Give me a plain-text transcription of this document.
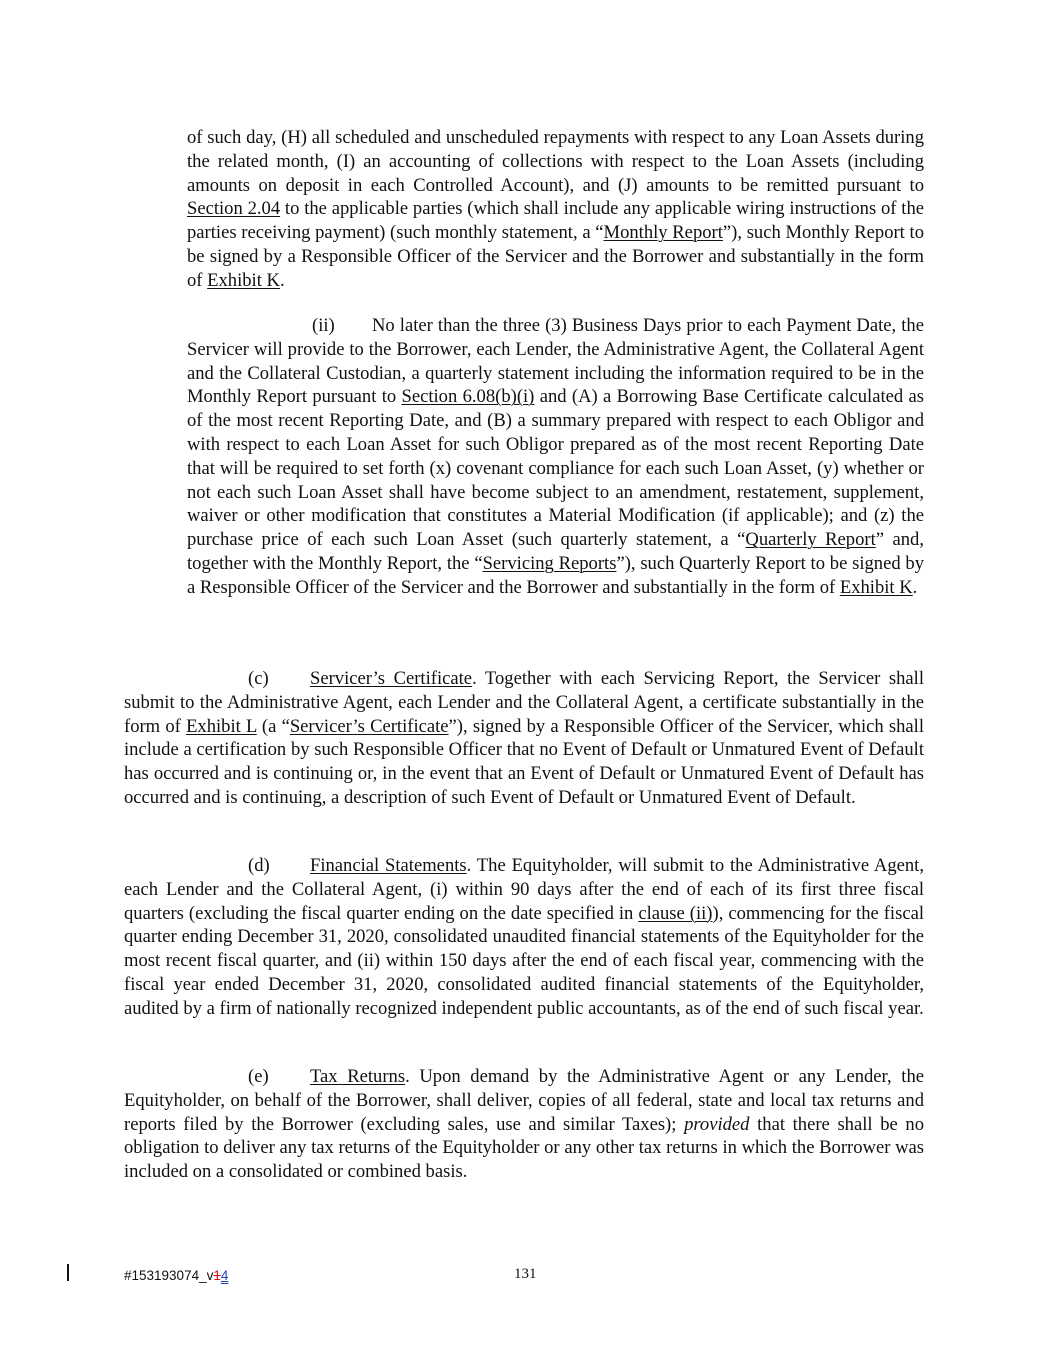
of such day, (H) all scheduled and unscheduled repayments with respect to any Loan Assets during the related month, (I) an accounting of collections with respect to the Loan Assets (including amounts on deposit in each Controlled Account), and (J) amounts to be remitted pursuant to Section 2.04 to the applicable parties (which shall include any applicable wiring instructions of the parties receiving payment) (such monthly statement, a “Monthly Report”), such Monthly Report to be signed by a Responsible Officer of the Servicer and the Borrower and substantially in the form of Exhibit K.

(ii) No later than the three (3) Business Days prior to each Payment Date, the Servicer will provide to the Borrower, each Lender, the Administrative Agent, the Collateral Agent and the Collateral Custodian, a quarterly statement including the information required to be in the Monthly Report pursuant to Section 6.08(b)(i) and (A) a Borrowing Base Certificate calculated as of the most recent Reporting Date, and (B) a summary prepared with respect to each Obligor and with respect to each Loan Asset for such Obligor prepared as of the most recent Reporting Date that will be required to set forth (x) covenant compliance for each such Loan Asset, (y) whether or not each such Loan Asset shall have become subject to an amendment, restatement, supplement, waiver or other modification that constitutes a Material Modification (if applicable); and (z) the purchase price of each such Loan Asset (such quarterly statement, a “Quarterly Report” and, together with the Monthly Report, the “Servicing Reports”), such Quarterly Report to be signed by a Responsible Officer of the Servicer and the Borrower and substantially in the form of Exhibit K.

(c) Servicer’s Certificate. Together with each Servicing Report, the Servicer shall submit to the Administrative Agent, each Lender and the Collateral Agent, a certificate substantially in the form of Exhibit L (a “Servicer’s Certificate”), signed by a Responsible Officer of the Servicer, which shall include a certification by such Responsible Officer that no Event of Default or Unmatured Event of Default has occurred and is continuing or, in the event that an Event of Default or Unmatured Event of Default has occurred and is continuing, a description of such Event of Default or Unmatured Event of Default.

(d) Financial Statements. The Equityholder, will submit to the Administrative Agent, each Lender and the Collateral Agent, (i) within 90 days after the end of each of its first three fiscal quarters (excluding the fiscal quarter ending on the date specified in clause (ii)), commencing for the fiscal quarter ending December 31, 2020, consolidated unaudited financial statements of the Equityholder for the most recent fiscal quarter, and (ii) within 150 days after the end of each fiscal year, commencing with the fiscal year ended December 31, 2020, consolidated audited financial statements of the Equityholder, audited by a firm of nationally recognized independent public accountants, as of the end of such fiscal year.

(e) Tax Returns. Upon demand by the Administrative Agent or any Lender, the Equityholder, on behalf of the Borrower, shall deliver, copies of all federal, state and local tax returns and reports filed by the Borrower (excluding sales, use and similar Taxes); provided that there shall be no obligation to deliver any tax returns of the Equityholder or any other tax returns in which the Borrower was included on a consolidated or combined basis.

#153193074_v14	131
